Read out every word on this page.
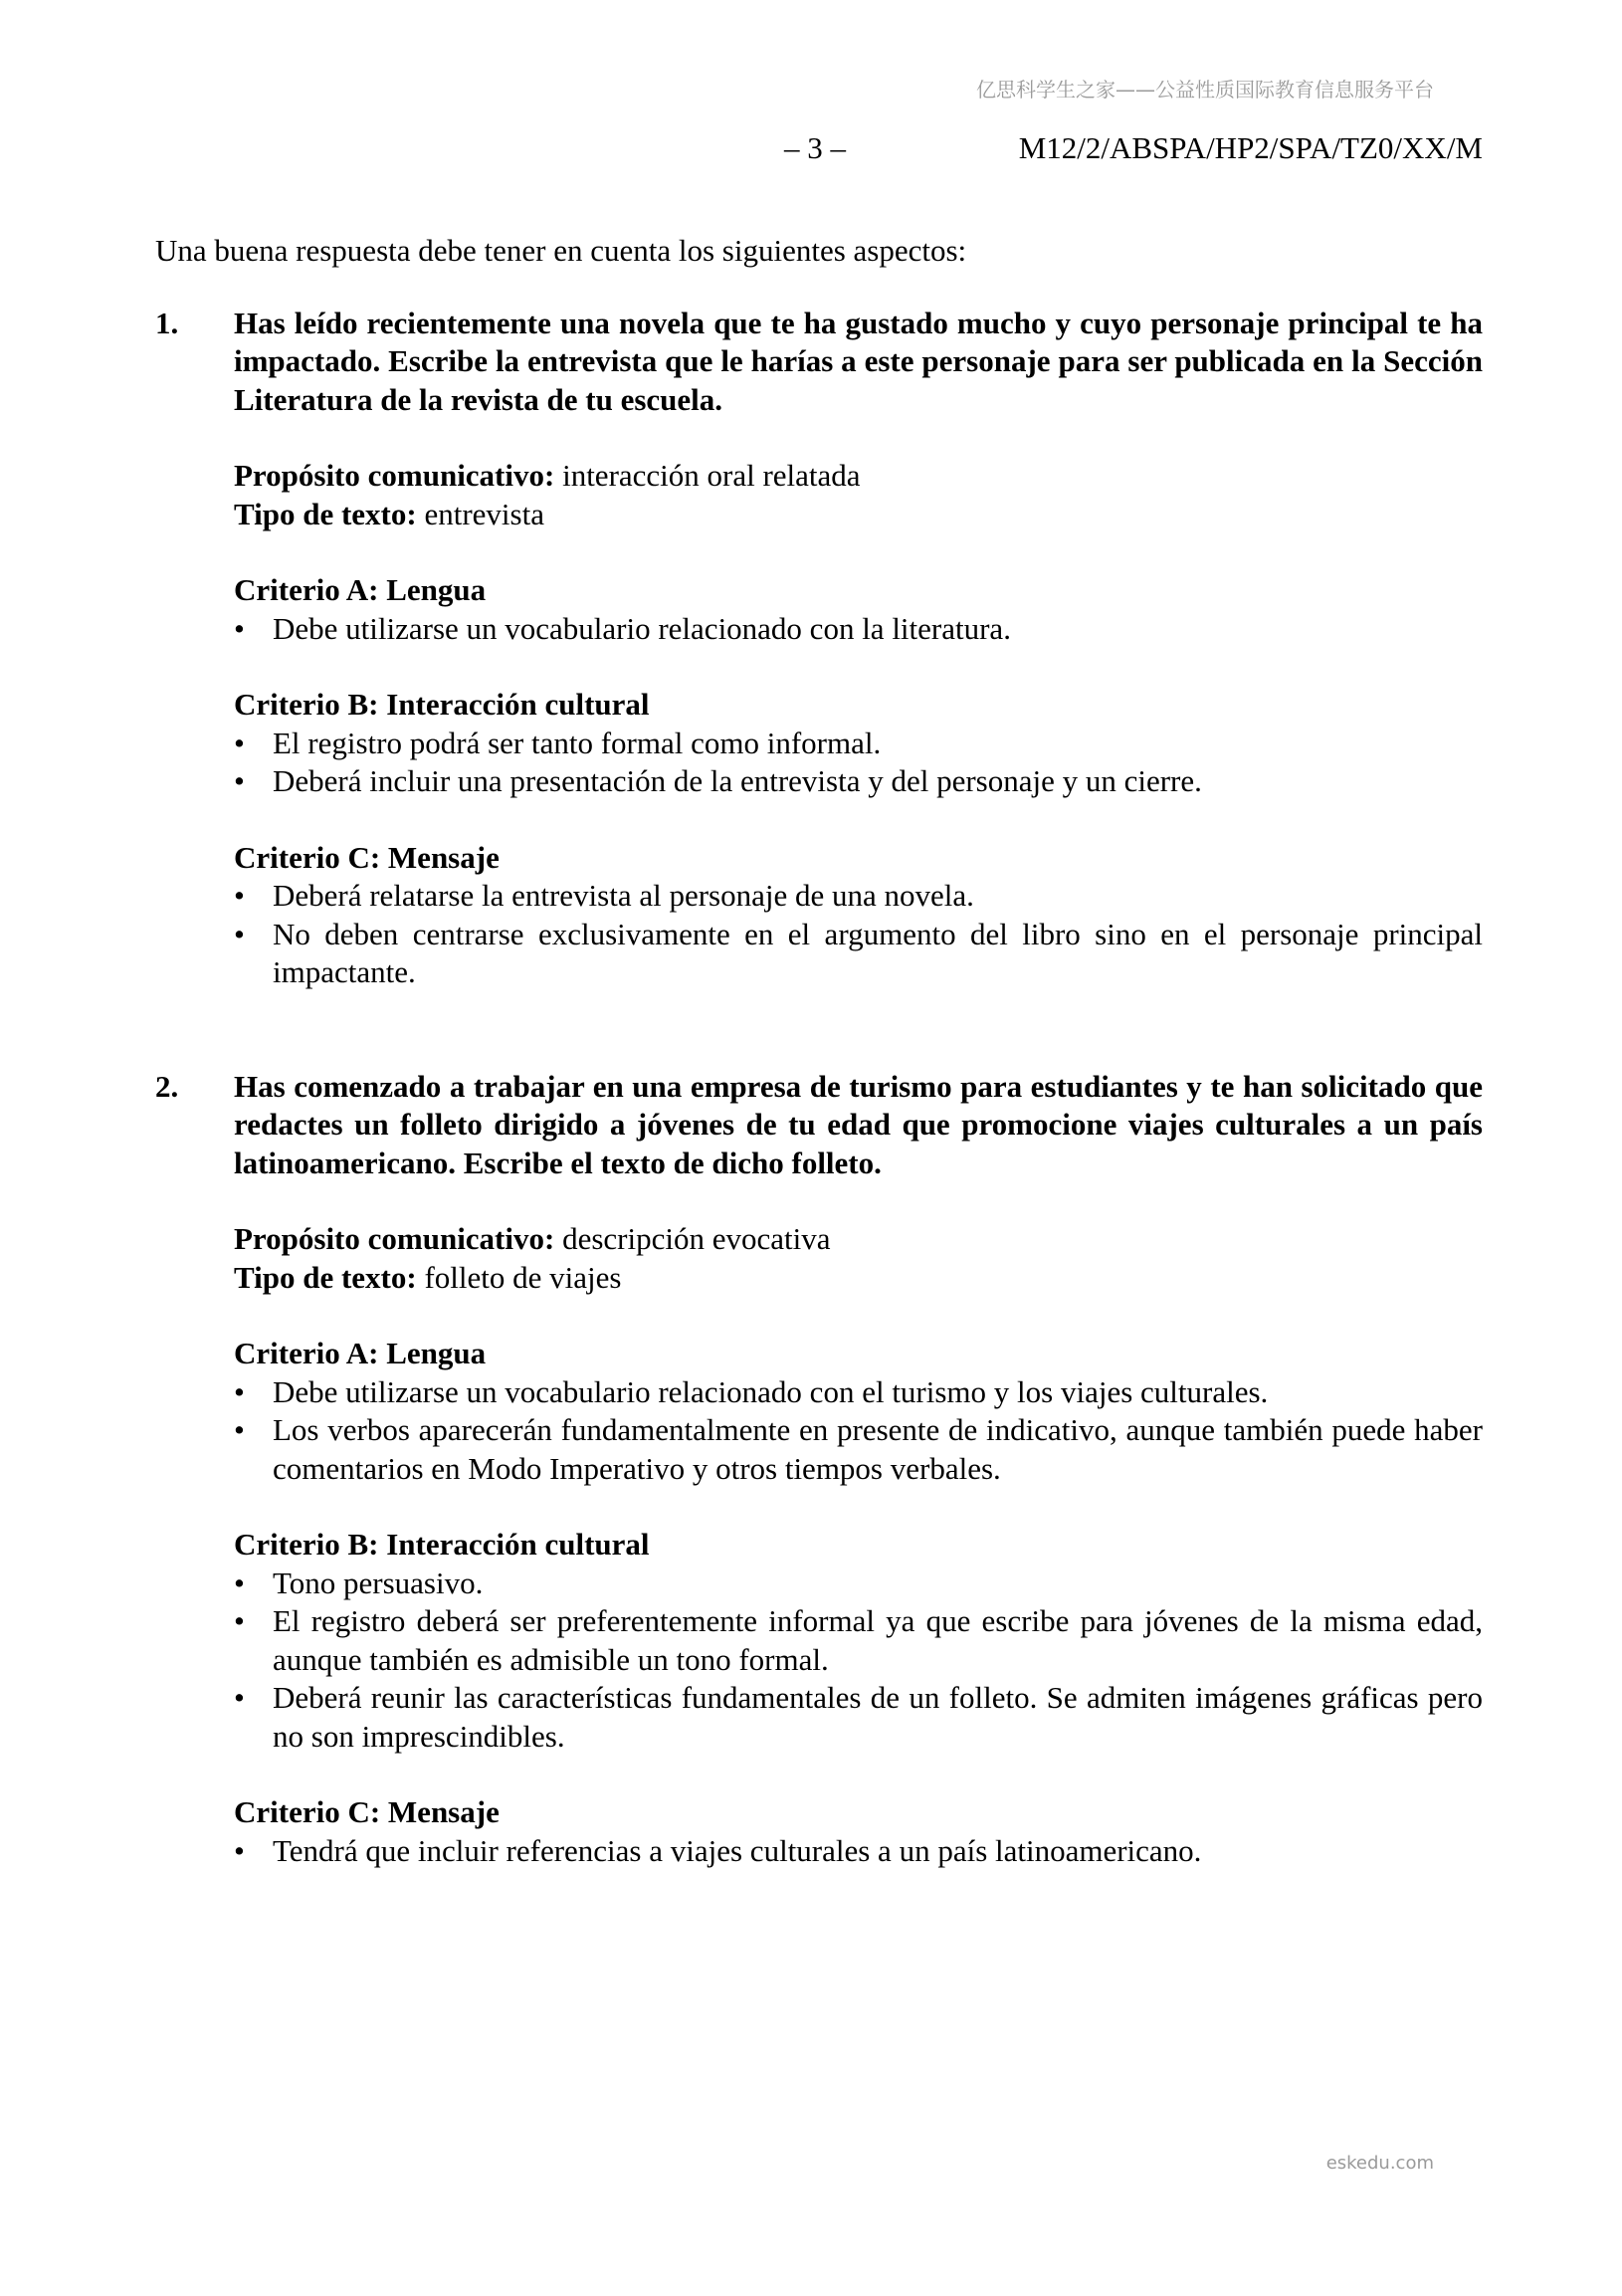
亿思科学生之家——公益性质国际教育信息服务平台
– 3 –	M12/2/ABSPA/HP2/SPA/TZ0/XX/M

Una buena respuesta debe tener en cuenta los siguientes aspectos:

1.	Has leído recientemente una novela que te ha gustado mucho y cuyo personaje principal te ha impactado. Escribe la entrevista que le harías a este personaje para ser publicada en la Sección Literatura de la revista de tu escuela.

Propósito comunicativo: interacción oral relatada
Tipo de texto: entrevista
Criterio A: Lengua
• Debe utilizarse un vocabulario relacionado con la literatura.
Criterio B: Interacción cultural
• El registro podrá ser tanto formal como informal.
• Deberá incluir una presentación de la entrevista y del personaje y un cierre.
Criterio C: Mensaje
• Deberá relatarse la entrevista al personaje de una novela.
• No deben centrarse exclusivamente en el argumento del libro sino en el personaje principal impactante.
2.	Has comenzado a trabajar en una empresa de turismo para estudiantes y te han solicitado que redactes un folleto dirigido a jóvenes de tu edad que promocione viajes culturales a un país latinoamericano. Escribe el texto de dicho folleto.

Propósito comunicativo: descripción evocativa
Tipo de texto: folleto de viajes
Criterio A: Lengua
• Debe utilizarse un vocabulario relacionado con el turismo y los viajes culturales.
• Los verbos aparecerán fundamentalmente en presente de indicativo, aunque también puede haber comentarios en Modo Imperativo y otros tiempos verbales.
Criterio B: Interacción cultural
• Tono persuasivo.
• El registro deberá ser preferentemente informal ya que escribe para jóvenes de la misma edad, aunque también es admisible un tono formal.
• Deberá reunir las características fundamentales de un folleto. Se admiten imágenes gráficas pero no son imprescindibles.
Criterio C: Mensaje
• Tendrá que incluir referencias a viajes culturales a un país latinoamericano.
eskedu.com
